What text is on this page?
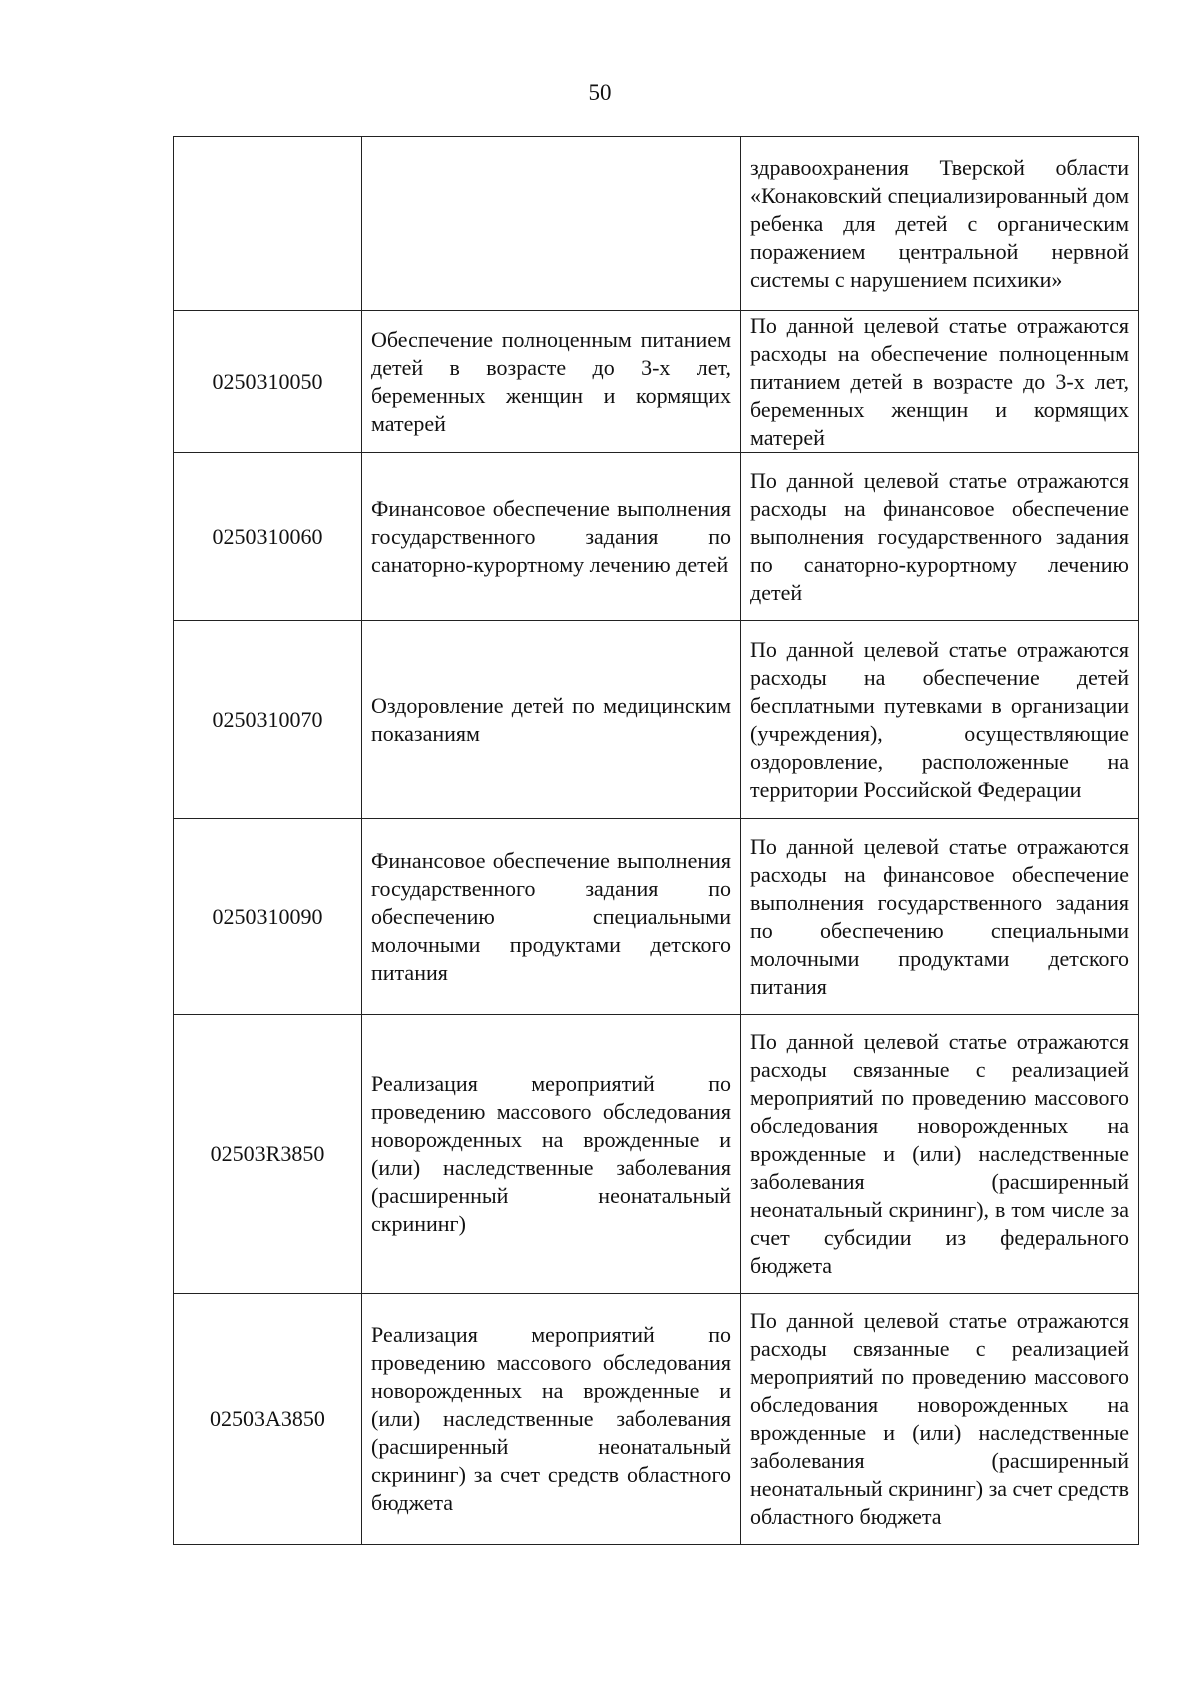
50
		здравоохранения Тверской области «Конаковский специализированный дом ребенка для детей с органическим поражением центральной нервной системы с нарушением психики»
0250310050	Обеспечение полноценным питанием детей в возрасте до 3-х лет, беременных женщин и кормящих матерей	По данной целевой статье отражаются расходы на обеспечение полноценным питанием детей в возрасте до 3-х лет, беременных женщин и кормящих матерей
0250310060	Финансовое обеспечение выполнения государственного задания по санаторно-курортному лечению детей	По данной целевой статье отражаются расходы на финансовое обеспечение выполнения государственного задания по санаторно-курортному лечению детей
0250310070	Оздоровление детей по медицинским показаниям	По данной целевой статье отражаются расходы на обеспечение детей бесплатными путевками в организации (учреждения), осуществляющие оздоровление, расположенные на территории Российской Федерации
0250310090	Финансовое обеспечение выполнения государственного задания по обеспечению специальными молочными продуктами детского питания	По данной целевой статье отражаются расходы на финансовое обеспечение выполнения государственного задания по обеспечению специальными молочными продуктами детского питания
02503R3850	Реализация мероприятий по проведению массового обследования новорожденных на врожденные и (или) наследственные заболевания (расширенный неонатальный скрининг)	По данной целевой статье отражаются расходы связанные с реализацией мероприятий по проведению массового обследования новорожденных на врожденные и (или) наследственные заболевания (расширенный неонатальный скрининг), в том числе за счет субсидии из федерального бюджета
02503A3850	Реализация мероприятий по проведению массового обследования новорожденных на врожденные и (или) наследственные заболевания (расширенный неонатальный скрининг) за счет средств областного бюджета	По данной целевой статье отражаются расходы связанные с реализацией мероприятий по проведению массового обследования новорожденных на врожденные и (или) наследственные заболевания (расширенный неонатальный скрининг) за счет средств областного бюджета
